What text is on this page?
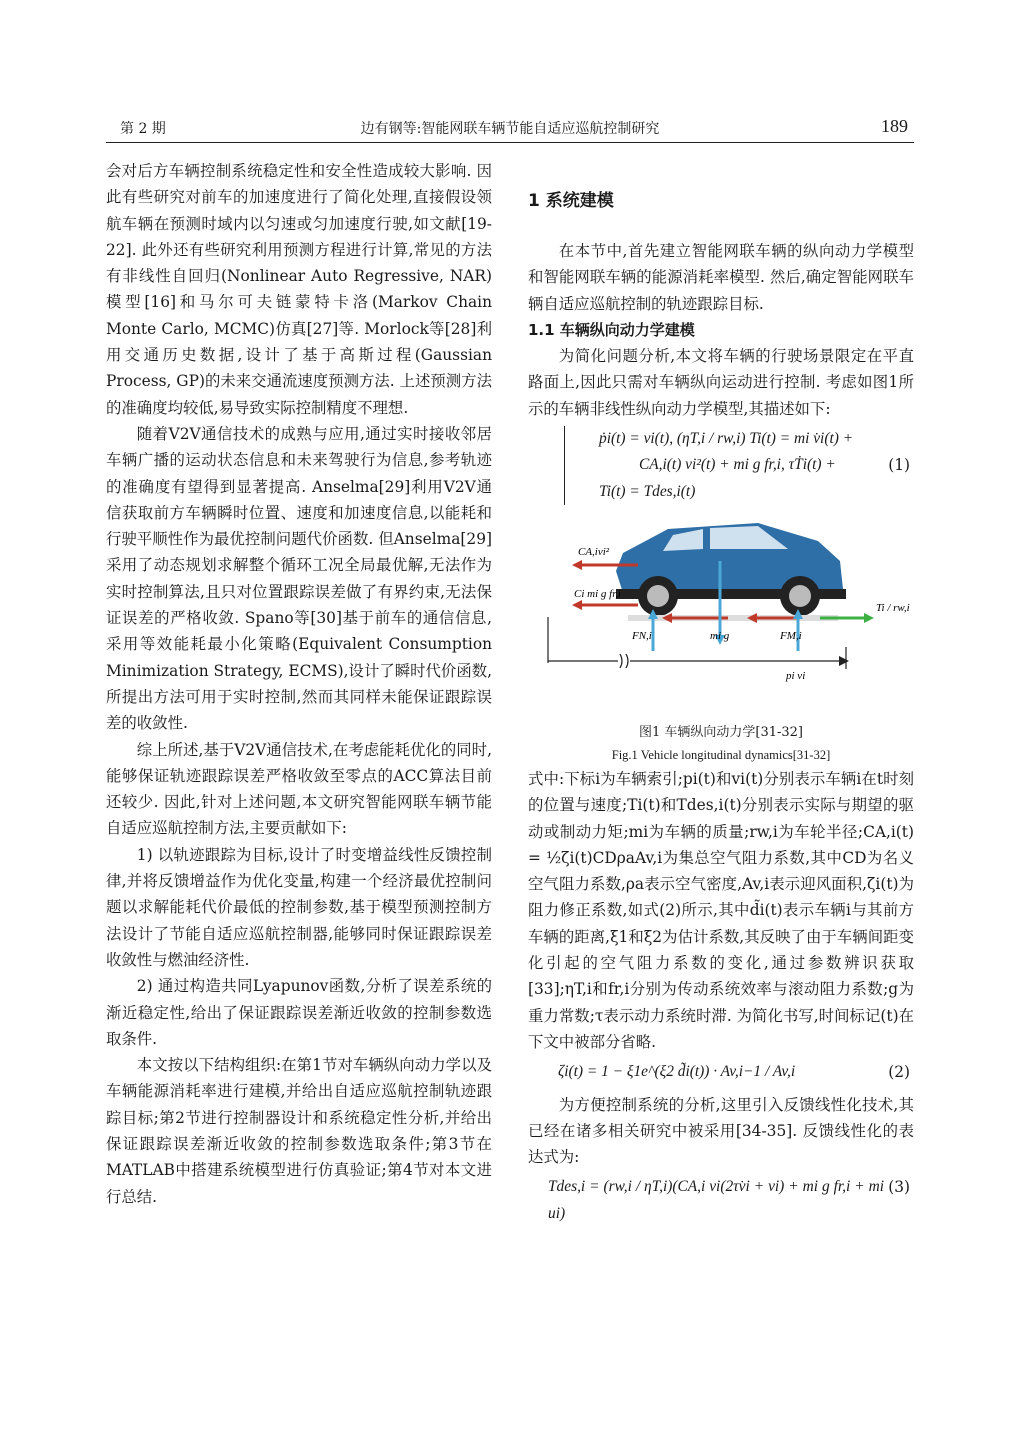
第 2 期	边有钢等:智能网联车辆节能自适应巡航控制研究	189

会对后方车辆控制系统稳定性和安全性造成较大影响. 因此有些研究对前车的加速度进行了简化处理,直接假设领航车辆在预测时域内以匀速或匀加速度行驶,如文献[19-22]. 此外还有些研究利用预测方程进行计算,常见的方法有非线性自回归(Nonlinear Auto Regressive, NAR)模型[16]和马尔可夫链蒙特卡洛(Markov Chain Monte Carlo, MCMC)仿真[27]等. Morlock等[28]利用交通历史数据,设计了基于高斯过程(Gaussian Process, GP)的未来交通流速度预测方法. 上述预测方法的准确度均较低,易导致实际控制精度不理想.

随着V2V通信技术的成熟与应用,通过实时接收邻居车辆广播的运动状态信息和未来驾驶行为信息,参考轨迹的准确度有望得到显著提高. Anselma[29]利用V2V通信获取前方车辆瞬时位置、速度和加速度信息,以能耗和行驶平顺性作为最优控制问题代价函数. 但Anselma[29]采用了动态规划求解整个循环工况全局最优解,无法作为实时控制算法,且只对位置跟踪误差做了有界约束,无法保证误差的严格收敛. Spano等[30]基于前车的通信信息,采用等效能耗最小化策略(Equivalent Consumption Minimization Strategy, ECMS),设计了瞬时代价函数,所提出方法可用于实时控制,然而其同样未能保证跟踪误差的收敛性.

综上所述,基于V2V通信技术,在考虑能耗优化的同时,能够保证轨迹跟踪误差严格收敛至零点的ACC算法目前还较少. 因此,针对上述问题,本文研究智能网联车辆节能自适应巡航控制方法,主要贡献如下:

1) 以轨迹跟踪为目标,设计了时变增益线性反馈控制律,并将反馈增益作为优化变量,构建一个经济最优控制问题以求解能耗代价最低的控制参数,基于模型预测控制方法设计了节能自适应巡航控制器,能够同时保证跟踪误差收敛性与燃油经济性.

2) 通过构造共同Lyapunov函数,分析了误差系统的渐近稳定性,给出了保证跟踪误差渐近收敛的控制参数选取条件.

本文按以下结构组织:在第1节对车辆纵向动力学以及车辆能源消耗率进行建模,并给出自适应巡航控制轨迹跟踪目标;第2节进行控制器设计和系统稳定性分析,并给出保证跟踪误差渐近收敛的控制参数选取条件;第3节在MATLAB中搭建系统模型进行仿真验证;第4节对本文进行总结.

1 系统建模

在本节中,首先建立智能网联车辆的纵向动力学模型和智能网联车辆的能源消耗率模型. 然后,确定智能网联车辆自适应巡航控制的轨迹跟踪目标.

1.1 车辆纵向动力学建模

为简化问题分析,本文将车辆的行驶场景限定在平直路面上,因此只需对车辆纵向运动进行控制. 考虑如图1所示的车辆非线性纵向动力学模型,其描述如下:

ṗi(t) = vi(t), (ηT,i / rw,i) Ti(t) = mi v̇i(t) +
CA,i(t) vi²(t) + mi g fr,i, τṪi(t) +
Ti(t) = Tdes,i(t)
(1)
CA,ivi²
Ci mi g fr,i
Ti / rw,i
FN,i	mi g	FM,i
pi vi

图1 车辆纵向动力学[31-32]

Fig.1 Vehicle longitudinal dynamics[31-32]

式中:下标i为车辆索引;pi(t)和vi(t)分别表示车辆i在t时刻的位置与速度;Ti(t)和Tdes,i(t)分别表示实际与期望的驱动或制动力矩;mi为车辆的质量;rw,i为车轮半径;CA,i(t) = ½ζi(t)CDρaAv,i为集总空气阻力系数,其中CD为名义空气阻力系数,ρa表示空气密度,Av,i表示迎风面积,ζi(t)为阻力修正系数,如式(2)所示,其中d̃i(t)表示车辆i与其前方车辆的距离,ξ1和ξ2为估计系数,其反映了由于车辆间距变化引起的空气阻力系数的变化,通过参数辨识获取[33];ηT,i和fr,i分别为传动系统效率与滚动阻力系数;g为重力常数;τ表示动力系统时滞. 为简化书写,时间标记(t)在下文中被部分省略.

ζi(t) = 1 − ξ1e^(ξ2 d̃i(t)) · Av,i−1 / Av,i	(2)

为方便控制系统的分析,这里引入反馈线性化技术,其已经在诸多相关研究中被采用[34-35]. 反馈线性化的表达式为:

Tdes,i = (rw,i / ηT,i)(CA,i vi(2τv̇i + vi) + mi g fr,i + mi ui)
(3)
